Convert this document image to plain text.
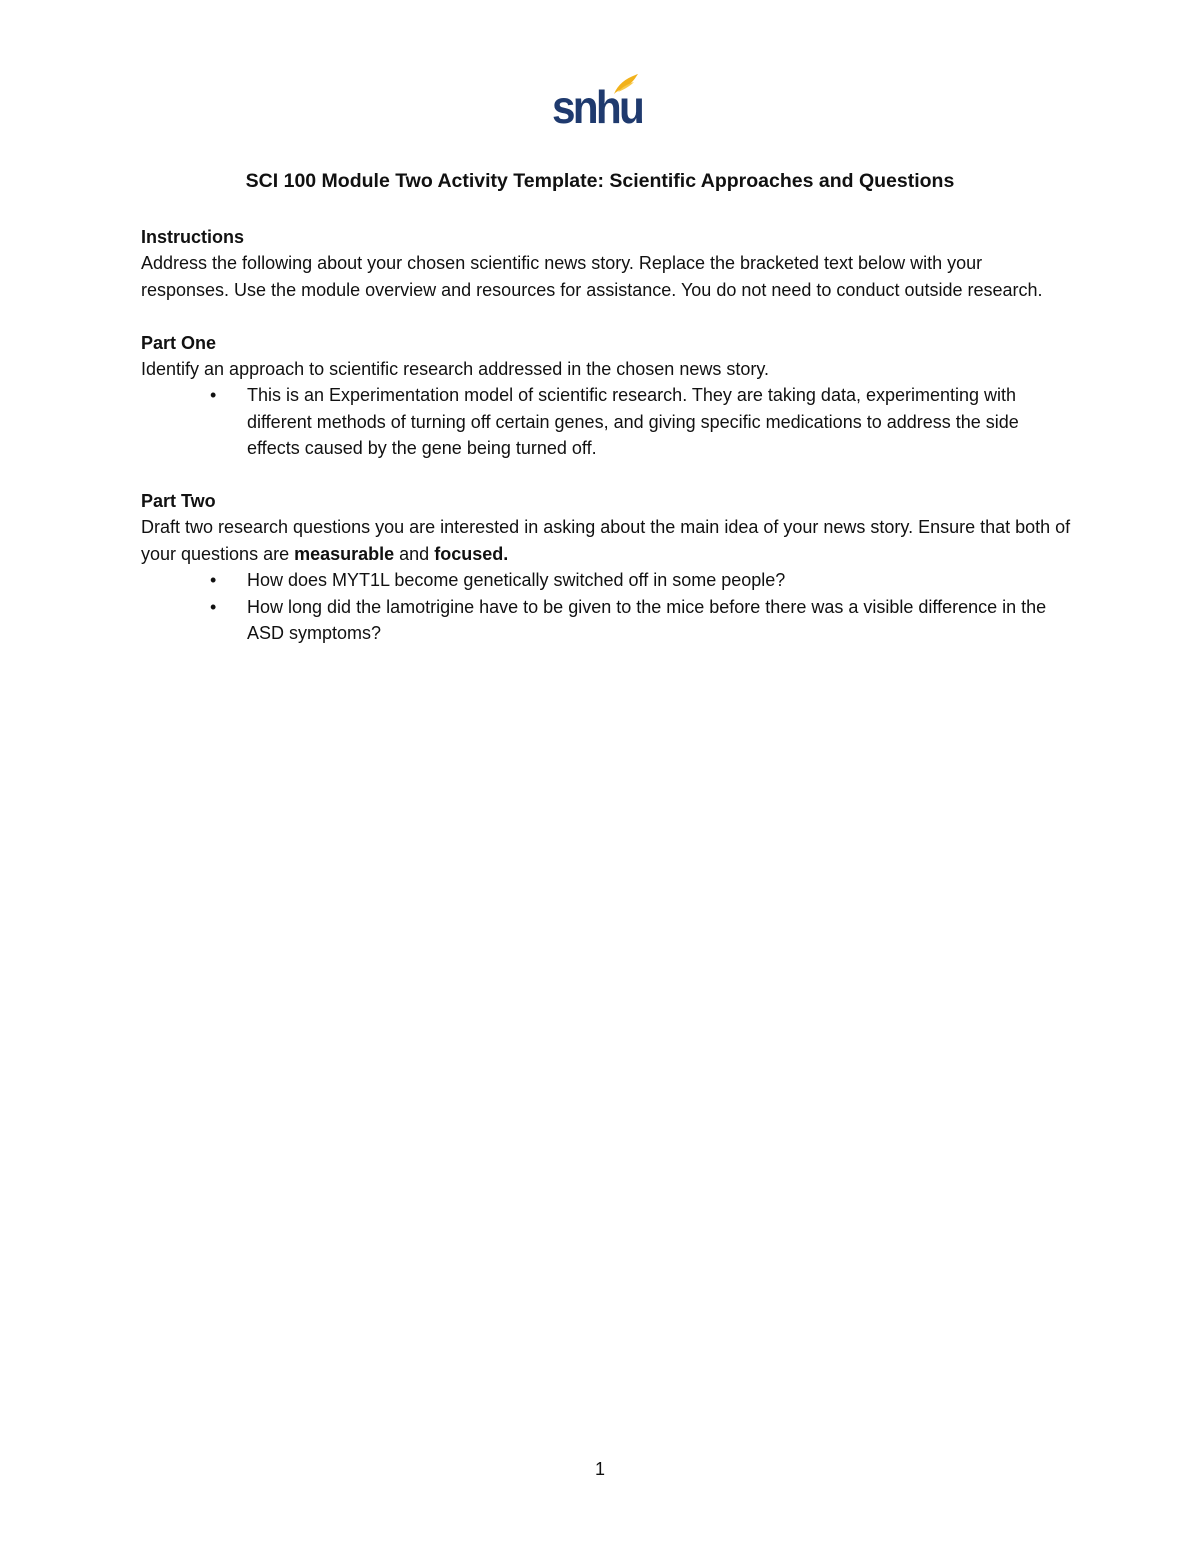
snhu
SCI 100 Module Two Activity Template: Scientific Approaches and Questions
Instructions

Address the following about your chosen scientific news story. Replace the bracketed text below with your responses. Use the module overview and resources for assistance. You do not need to conduct outside research.

Part One

Identify an approach to scientific research addressed in the chosen news story.

• This is an Experimentation model of scientific research. They are taking data, experimenting with different methods of turning off certain genes, and giving specific medications to address the side effects caused by the gene being turned off.
Part Two

Draft two research questions you are interested in asking about the main idea of your news story. Ensure that both of your questions are measurable and focused.

• How does MYT1L become genetically switched off in some people?
• How long did the lamotrigine have to be given to the mice before there was a visible difference in the ASD symptoms?
1
